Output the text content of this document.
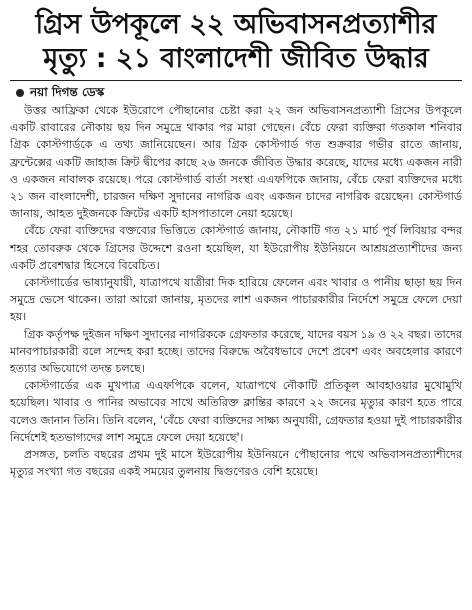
গ্রিস উপকূলে ২২ অভিবাসনপ্রত্যাশীর
মৃত্যু : ২১ বাংলাদেশী জীবিত উদ্ধার
নয়া দিগন্ত ডেস্ক

উত্তর আফ্রিকা থেকে ইউরোপে পৌছানোর চেষ্টা করা ২২ জন অভিবাসনপ্রত্যাশী গ্রিসের উপকূলে একটি রাবারের নৌকায় ছয় দিন সমুদ্রে থাকার পর মারা গেছেন। বেঁচে ফেরা ব্যক্তিরা গতকাল শনিবার গ্রিক কোস্টগার্ডকে এ তথ্য জানিয়েছেন। আর গ্রিক কোস্টগার্ড গত শুক্রবার গভীর রাতে জানায়, ফ্রন্টেক্সের একটি জাহাজ ক্রিট দ্বীপের কাছে ২৬ জনকে জীবিত উদ্ধার করেছে, যাদের মধ্যে একজন নারী ও একজন নাবালক রয়েছে। পরে কোস্টগার্ড বার্তা সংস্থা এএফপিকে জানায়, বেঁচে ফেরা ব্যক্তিদের মধ্যে ২১ জন বাংলাদেশী, চারজন দক্ষিণ সুদানের নাগরিক এবং একজন চাদের নাগরিক রয়েছেন। কোস্টগার্ড জানায়, আহত দুইজনকে ক্রিটের একটি হাসপাতালে নেয়া হয়েছে।

বেঁচে ফেরা ব্যক্তিদের বক্তব্যের ভিত্তিতে কোস্টগার্ড জানায়, নৌকাটি গত ২১ মার্চ পূর্ব লিবিয়ার বন্দর শহর তোবরুক থেকে গ্রিসের উদ্দেশে রওনা হয়েছিল, যা ইউরোপীয় ইউনিয়নে আশ্রয়প্রত্যাশীদের জন্য একটি প্রবেশদ্বার হিসেবে বিবেচিত।

কোস্টগার্ডের ভাষ্যানুযায়ী, যাত্রাপথে যাত্রীরা দিক হারিয়ে ফেলেন এবং খাবার ও পানীয় ছাড়া ছয় দিন সমুদ্রে ভেসে থাকেন। তারা আরো জানায়, মৃতদের লাশ একজন পাচারকারীর নির্দেশে সমুদ্রে ফেলে দেয়া হয়।

গ্রিক কর্তৃপক্ষ দুইজন দক্ষিণ সুদানের নাগরিককে গ্রেফতার করেছে, যাদের বয়স ১৯ ও ২২ বছর। তাদের মানবপাচারকারী বলে সন্দেহ করা হচ্ছে। তাদের বিরুদ্ধে অবৈধভাবে দেশে প্রবেশ এবং অবহেলার কারণে হত্যার অভিযোগে তদন্ত চলছে।

কোস্টগার্ডের এক মুখপাত্র এএফপিকে বলেন, যাত্রাপথে নৌকাটি প্রতিকূল আবহাওয়ার মুখোমুখি হয়েছিল। খাবার ও পানির অভাবের সাথে অতিরিক্ত ক্লান্তির কারণে ২২ জনের মৃত্যুর কারণ হতে পারে বলেও জানান তিনি। তিনি বলেন, 'বেঁচে ফেরা ব্যক্তিদের সাক্ষ্য অনুযায়ী, গ্রেফতার হওয়া দুই পাচারকারীর নির্দেশেই হতভাগ্যদের লাশ সমুদ্রে ফেলে দেয়া হয়েছে'।

প্রসঙ্গত, চলতি বছরের প্রথম দুই মাসে ইউরোপীয় ইউনিয়নে পৌছানোর পথে অভিবাসনপ্রত্যাশীদের মৃত্যুর সংখ্যা গত বছরের একই সময়ের তুলনায় দ্বিগুণেরও বেশি হয়েছে।
